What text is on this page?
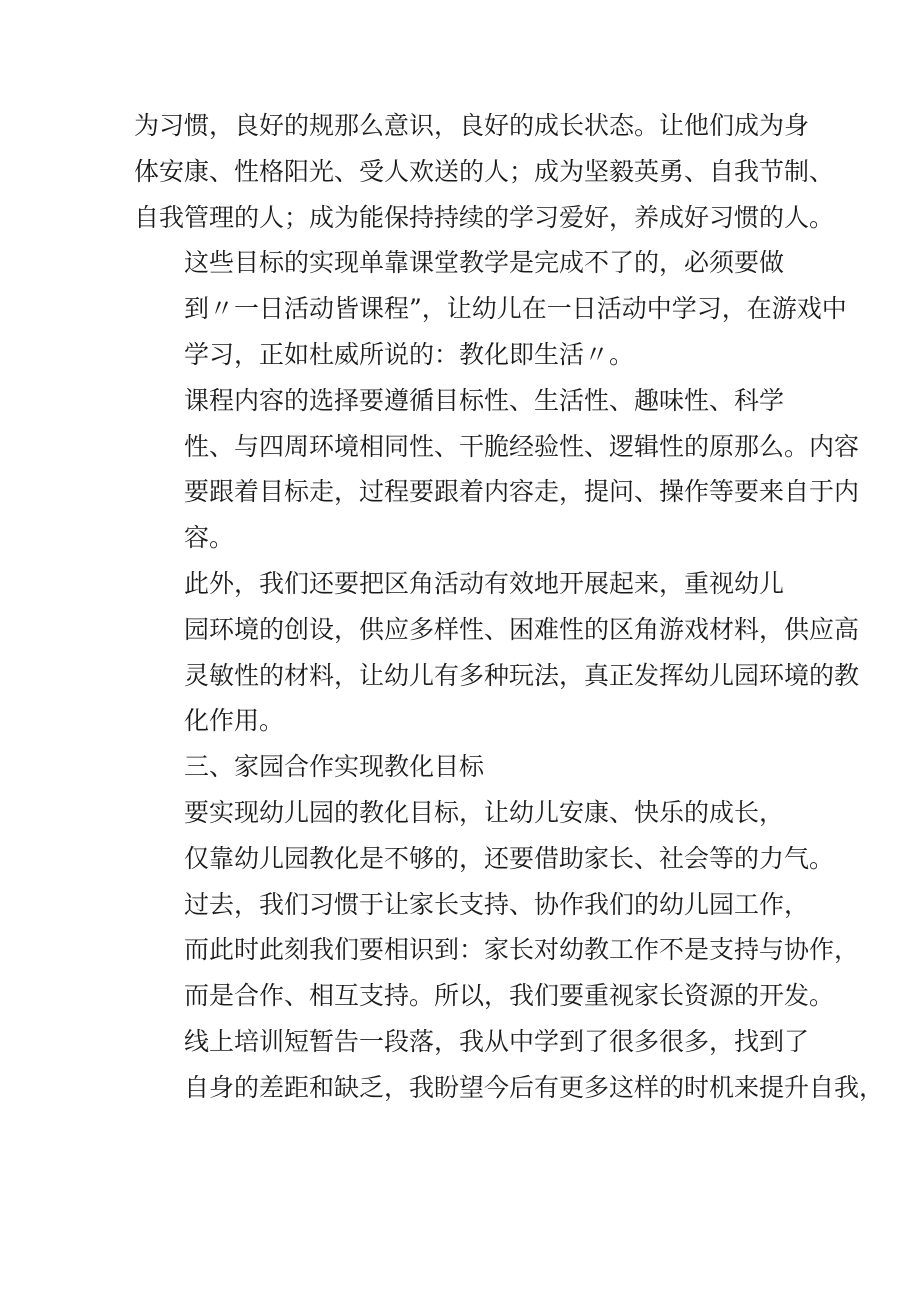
为习惯，良好的规那么意识，良好的成长状态。让他们成为身
体安康、性格阳光、受人欢送的人；成为坚毅英勇、自我节制、
自我管理的人；成为能保持持续的学习爱好，养成好习惯的人。

这些目标的实现单靠课堂教学是完成不了的，必须要做
到〃一日活动皆课程”，让幼儿在一日活动中学习，在游戏中
学习，正如杜威所说的：教化即生活〃。

课程内容的选择要遵循目标性、生活性、趣味性、科学
性、与四周环境相同性、干脆经验性、逻辑性的原那么。内容
要跟着目标走，过程要跟着内容走，提问、操作等要来自于内
容。

此外，我们还要把区角活动有效地开展起来，重视幼儿
园环境的创设，供应多样性、困难性的区角游戏材料，供应高
灵敏性的材料，让幼儿有多种玩法，真正发挥幼儿园环境的教
化作用。

三、家园合作实现教化目标

要实现幼儿园的教化目标，让幼儿安康、快乐的成长，
仅靠幼儿园教化是不够的，还要借助家长、社会等的力气。

过去，我们习惯于让家长支持、协作我们的幼儿园工作，
而此时此刻我们要相识到：家长对幼教工作不是支持与协作，
而是合作、相互支持。所以，我们要重视家长资源的开发。

线上培训短暂告一段落，我从中学到了很多很多，找到了
自身的差距和缺乏，我盼望今后有更多这样的时机来提升自我，
